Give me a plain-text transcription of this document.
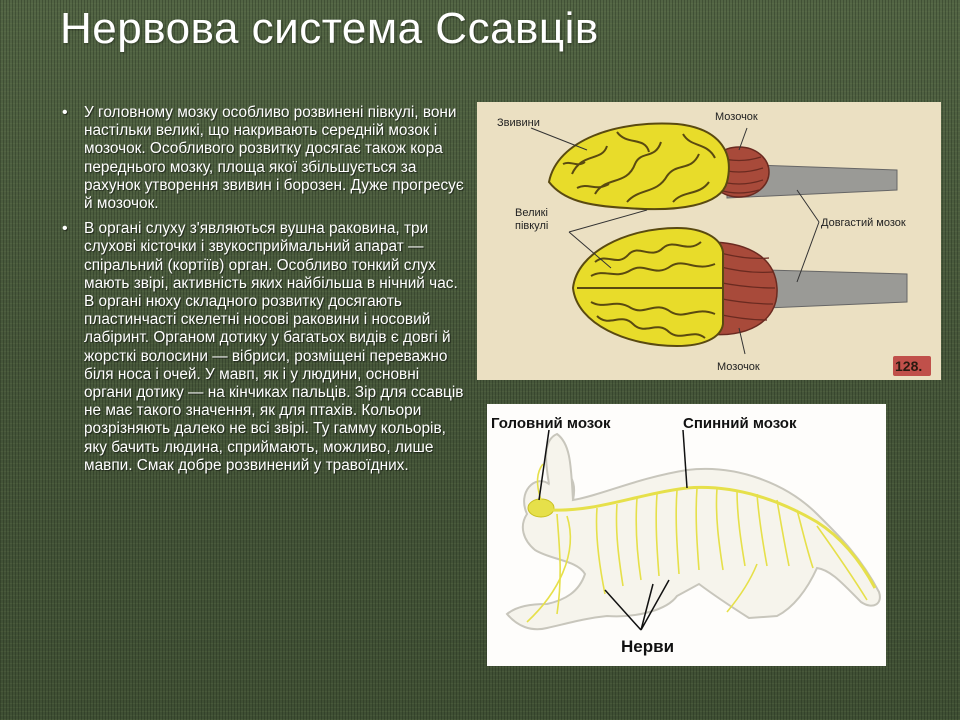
Нервова система Ссавців
• У головному мозку особливо розвинені півкулі, вони настільки великі, що накривають середній мозок і мозочок. Особливого розвитку досягає також кора переднього мозку, площа якої збільшується за рахунок утворення звивин і борозен. Дуже прогресує й мозочок.
• В органі слуху з'являються вушна раковина, три слухові кісточки і звукосприймальний апарат — спіральний (кортіїв) орган. Особливо тонкий слух мають звірі, активність яких найбільша в нічний час. В органі нюху складного розвитку досягають пластинчасті скелетні носові раковини і носовий лабіринт. Органом дотику у багатьох видів є довгі й жорсткі волосини — вібриси, розміщені переважно біля носа і очей. У мавп, як і у людини, основні органи дотику — на кінчиках пальців. Зір для ссавців не має такого значення, як для птахів. Кольори розрізняють далеко не всі звірі. Ту гамму кольорів, яку бачить людина, сприймають, можливо, лише мавпи. Смак добре розвинений у травоїдних.
Звивини	Мозочок
Великі півкулі	Довгастий мозок
Мозочок	128.
Головний мозок	Спинний мозок
Нерви
